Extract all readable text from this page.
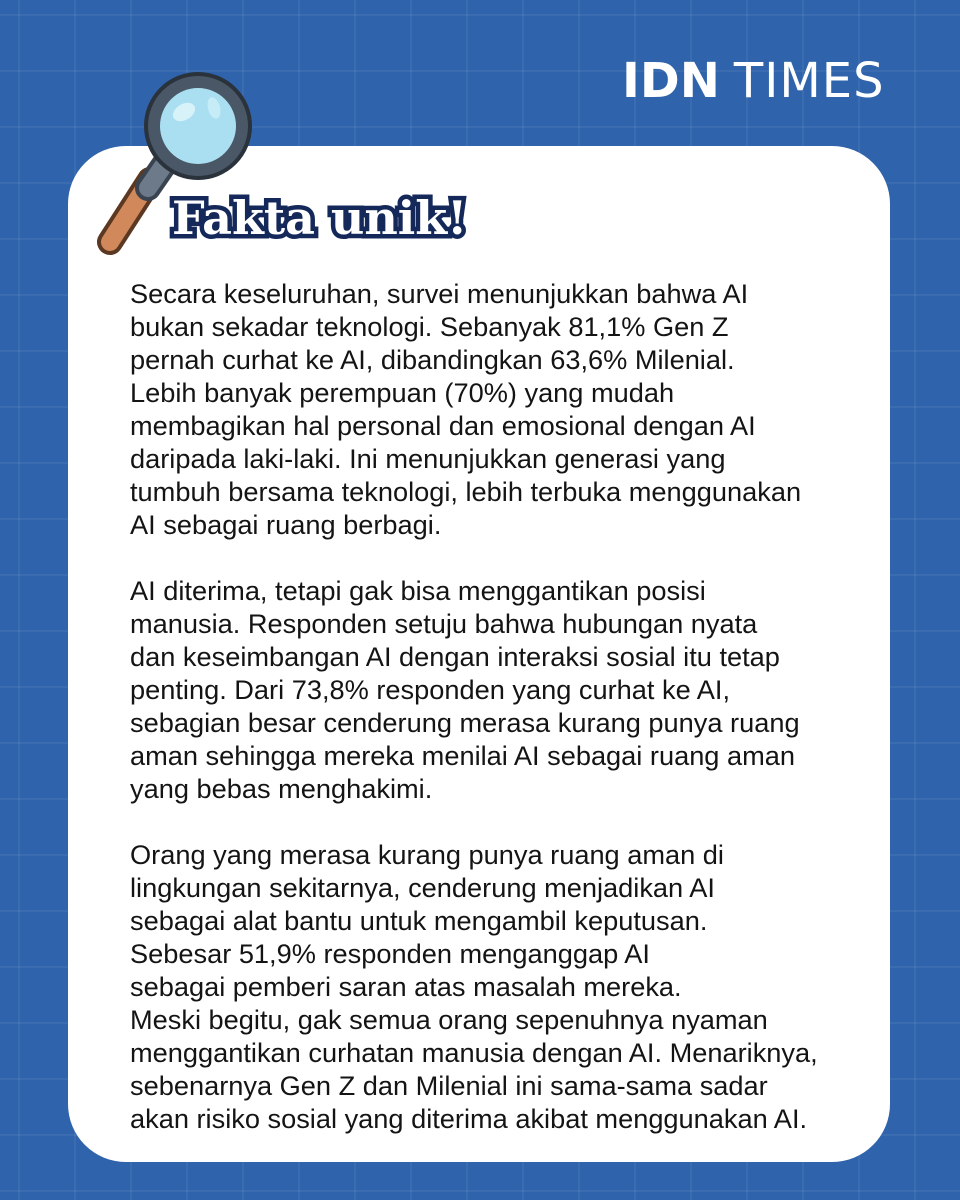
IDN TIMES
Fakta unik!

Secara keseluruhan, survei menunjukkan bahwa AI
bukan sekadar teknologi. Sebanyak 81,1% Gen Z
pernah curhat ke AI, dibandingkan 63,6% Milenial.
Lebih banyak perempuan (70%) yang mudah
membagikan hal personal dan emosional dengan AI
daripada laki-laki. Ini menunjukkan generasi yang
tumbuh bersama teknologi, lebih terbuka menggunakan
AI sebagai ruang berbagi.

AI diterima, tetapi gak bisa menggantikan posisi
manusia. Responden setuju bahwa hubungan nyata
dan keseimbangan AI dengan interaksi sosial itu tetap
penting. Dari 73,8% responden yang curhat ke AI,
sebagian besar cenderung merasa kurang punya ruang
aman sehingga mereka menilai AI sebagai ruang aman
yang bebas menghakimi.

Orang yang merasa kurang punya ruang aman di
lingkungan sekitarnya, cenderung menjadikan AI
sebagai alat bantu untuk mengambil keputusan.
Sebesar 51,9% responden menganggap AI
sebagai pemberi saran atas masalah mereka.
Meski begitu, gak semua orang sepenuhnya nyaman
menggantikan curhatan manusia dengan AI. Menariknya,
sebenarnya Gen Z dan Milenial ini sama-sama sadar
akan risiko sosial yang diterima akibat menggunakan AI.
